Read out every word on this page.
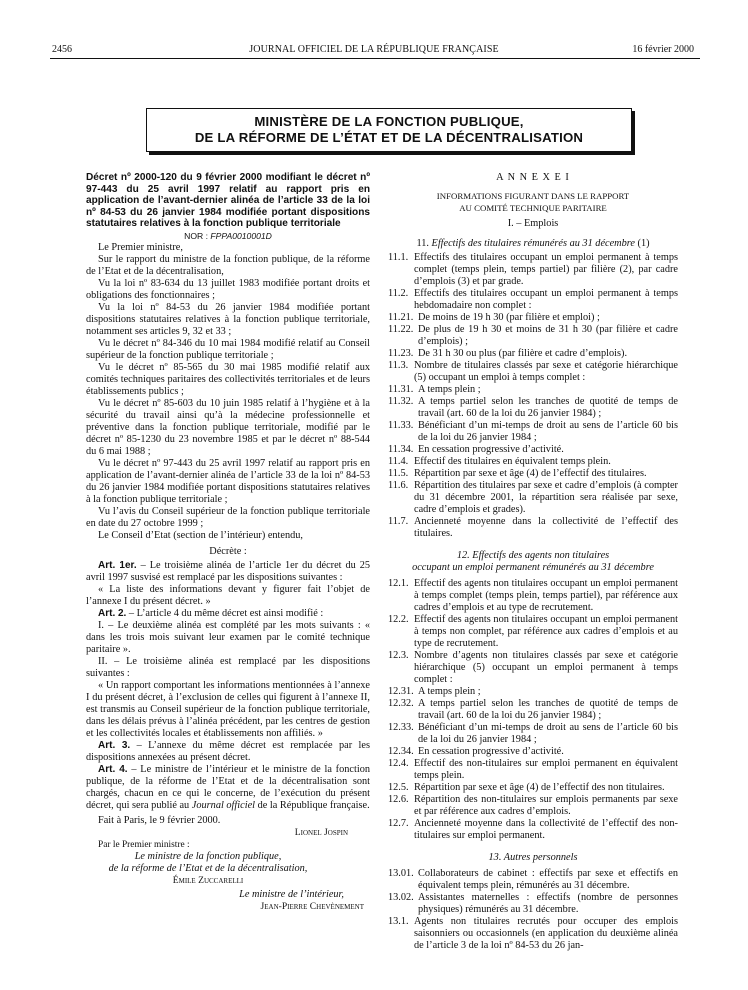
2456	JOURNAL OFFICIEL DE LA RÉPUBLIQUE FRANÇAISE	16 février 2000
MINISTÈRE DE LA FONCTION PUBLIQUE,
DE LA RÉFORME DE L’ÉTAT ET DE LA DÉCENTRALISATION

Décret nº 2000-120 du 9 février 2000 modifiant le décret nº 97-443 du 25 avril 1997 relatif au rapport pris en application de l’avant-dernier alinéa de l’article 33 de la loi nº 84-53 du 26 janvier 1984 modifiée portant dispositions statutaires relatives à la fonction publique territoriale

NOR : FPPA0010001D

Le Premier ministre,

Sur le rapport du ministre de la fonction publique, de la réforme de l’Etat et de la décentralisation,

Vu la loi nº 83-634 du 13 juillet 1983 modifiée portant droits et obligations des fonctionnaires ;

Vu la loi nº 84-53 du 26 janvier 1984 modifiée portant dispositions statutaires relatives à la fonction publique territoriale, notamment ses articles 9, 32 et 33 ;

Vu le décret nº 84-346 du 10 mai 1984 modifié relatif au Conseil supérieur de la fonction publique territoriale ;

Vu le décret nº 85-565 du 30 mai 1985 modifié relatif aux comités techniques paritaires des collectivités territoriales et de leurs établissements publics ;

Vu le décret nº 85-603 du 10 juin 1985 relatif à l’hygiène et à la sécurité du travail ainsi qu’à la médecine professionnelle et préventive dans la fonction publique territoriale, modifié par le décret nº 85-1230 du 23 novembre 1985 et par le décret nº 88-544 du 6 mai 1988 ;

Vu le décret nº 97-443 du 25 avril 1997 relatif au rapport pris en application de l’avant-dernier alinéa de l’article 33 de la loi nº 84-53 du 26 janvier 1984 modifiée portant dispositions statutaires relatives à la fonction publique territoriale ;

Vu l’avis du Conseil supérieur de la fonction publique territoriale en date du 27 octobre 1999 ;

Le Conseil d’Etat (section de l’intérieur) entendu,

Décrète :

Art. 1er. – Le troisième alinéa de l’article 1er du décret du 25 avril 1997 susvisé est remplacé par les dispositions suivantes :

« La liste des informations devant y figurer fait l’objet de l’annexe I du présent décret. »

Art. 2. – L’article 4 du même décret est ainsi modifié :

I. – Le deuxième alinéa est complété par les mots suivants : « dans les trois mois suivant leur examen par le comité technique paritaire ».

II. – Le troisième alinéa est remplacé par les dispositions suivantes :

« Un rapport comportant les informations mentionnées à l’annexe I du présent décret, à l’exclusion de celles qui figurent à l’annexe II, est transmis au Conseil supérieur de la fonction publique territoriale, dans les délais prévus à l’alinéa précédent, par les centres de gestion et les collectivités locales et établissements non affiliés. »

Art. 3. – L’annexe du même décret est remplacée par les dispositions annexées au présent décret.

Art. 4. – Le ministre de l’intérieur et le ministre de la fonction publique, de la réforme de l’Etat et de la décentralisation sont chargés, chacun en ce qui le concerne, de l’exécution du présent décret, qui sera publié au Journal officiel de la République française.

Fait à Paris, le 9 février 2000.

Lionel Jospin

Par le Premier ministre :

Le ministre de la fonction publique,

de la réforme de l’Etat et de la décentralisation,

Émile Zuccarelli

Le ministre de l’intérieur,

Jean-Pierre Chevènement

A N N E X E I

INFORMATIONS FIGURANT DANS LE RAPPORT

AU COMITÉ TECHNIQUE PARITAIRE

I. – Emplois

11. Effectifs des titulaires rémunérés au 31 décembre (1)

11.1. Effectifs des titulaires occupant un emploi permanent à temps complet (temps plein, temps partiel) par filière (2), par cadre d’emplois (3) et par grade.
11.2. Effectifs des titulaires occupant un emploi permanent à temps hebdomadaire non complet :
11.21. De moins de 19 h 30 (par filière et emploi) ;
11.22. De plus de 19 h 30 et moins de 31 h 30 (par filière et cadre d’emplois) ;
11.23. De 31 h 30 ou plus (par filière et cadre d’emplois).
11.3. Nombre de titulaires classés par sexe et catégorie hiérarchique (5) occupant un emploi à temps complet :
11.31. A temps plein ;
11.32. A temps partiel selon les tranches de quotité de temps de travail (art. 60 de la loi du 26 janvier 1984) ;
11.33. Bénéficiant d’un mi-temps de droit au sens de l’article 60 bis de la loi du 26 janvier 1984 ;
11.34. En cessation progressive d’activité.
11.4. Effectif des titulaires en équivalent temps plein.
11.5. Répartition par sexe et âge (4) de l’effectif des titulaires.
11.6. Répartition des titulaires par sexe et cadre d’emplois (à compter du 31 décembre 2001, la répartition sera réalisée par sexe, cadre d’emplois et grades).
11.7. Ancienneté moyenne dans la collectivité de l’effectif des titulaires.

12. Effectifs des agents non titulaires

occupant un emploi permanent rémunérés au 31 décembre

12.1. Effectif des agents non titulaires occupant un emploi permanent à temps complet (temps plein, temps partiel), par référence aux cadres d’emplois et au type de recrutement.
12.2. Effectif des agents non titulaires occupant un emploi permanent à temps non complet, par référence aux cadres d’emplois et au type de recrutement.
12.3. Nombre d’agents non titulaires classés par sexe et catégorie hiérarchique (5) occupant un emploi permanent à temps complet :
12.31. A temps plein ;
12.32. A temps partiel selon les tranches de quotité de temps de travail (art. 60 de la loi du 26 janvier 1984) ;
12.33. Bénéficiant d’un mi-temps de droit au sens de l’article 60 bis de la loi du 26 janvier 1984 ;
12.34. En cessation progressive d’activité.
12.4. Effectif des non-titulaires sur emploi permanent en équivalent temps plein.
12.5. Répartition par sexe et âge (4) de l’effectif des non titulaires.
12.6. Répartition des non-titulaires sur emplois permanents par sexe et par référence aux cadres d’emplois.
12.7. Ancienneté moyenne dans la collectivité de l’effectif des non-titulaires sur emploi permanent.

13. Autres personnels

13.01. Collaborateurs de cabinet : effectifs par sexe et effectifs en équivalent temps plein, rémunérés au 31 décembre.
13.02. Assistantes maternelles : effectifs (nombre de personnes physiques) rémunérés au 31 décembre.
13.1. Agents non titulaires recrutés pour occuper des emplois saisonniers ou occasionnels (en application du deuxième alinéa de l’article 3 de la loi nº 84-53 du 26 jan-
